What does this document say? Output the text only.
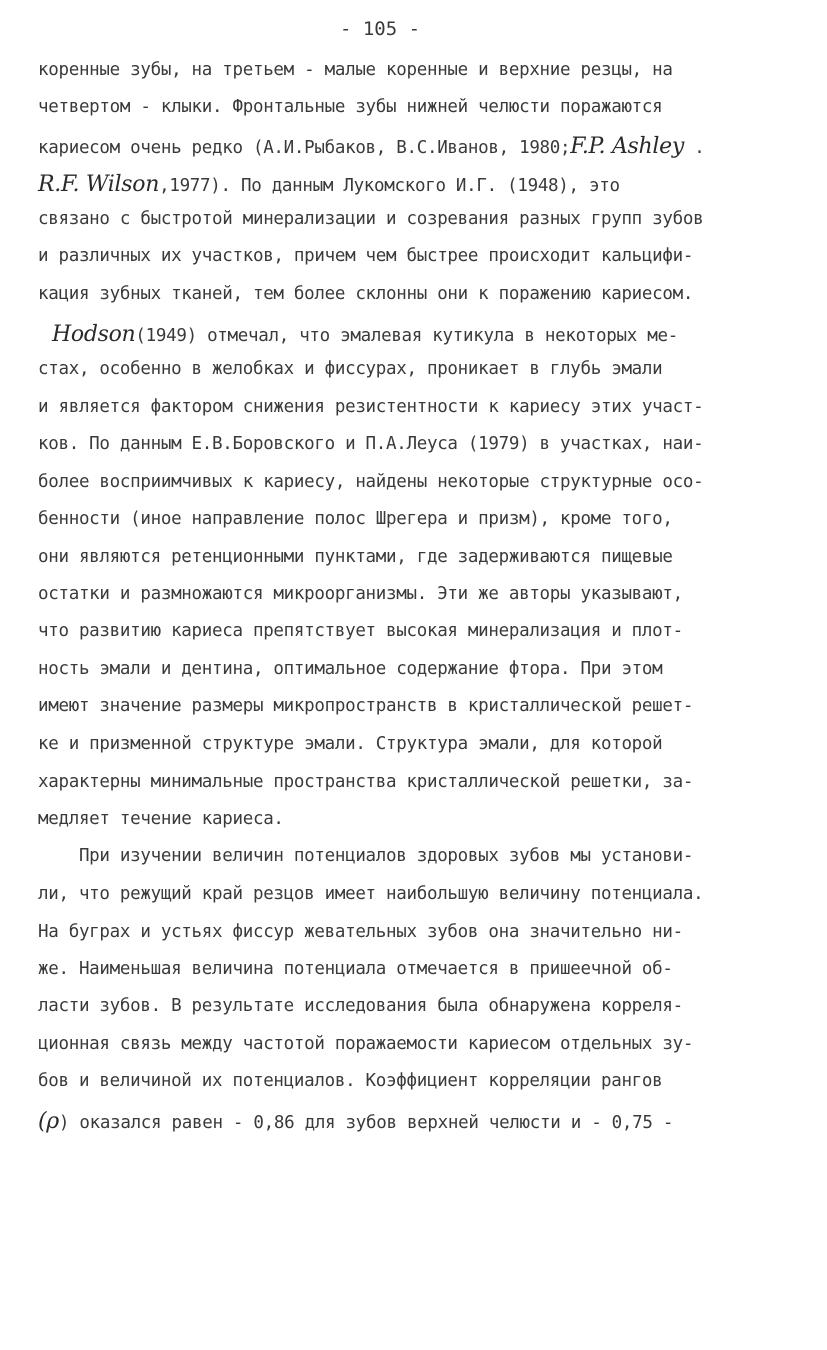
- 105 -
коренные зубы, на третьем - малые коренные и верхние резцы, на
четвертом - клыки. Фронтальные зубы нижней челюсти поражаются
кариесом очень редко (А.И.Рыбаков, В.С.Иванов, 1980;F.P. Ashley .
R.F. Wilson,1977). По данным Лукомского И.Г. (1948), это
связано с быстротой минерализации и созревания разных групп зубов
и различных их участков, причем чем быстрее происходит кальцифи-
кация зубных тканей, тем более склонны они к поражению кариесом.
Hodson(1949) отмечал, что эмалевая кутикула в некоторых ме-
стах, особенно в желобках и фиссурах, проникает в глубь эмали
и является фактором снижения резистентности к кариесу этих участ-
ков. По данным Е.В.Боровского и П.А.Леуса (1979) в участках, наи-
более восприимчивых к кариесу, найдены некоторые структурные осо-
бенности (иное направление полос Шрегера и призм), кроме того,
они являются ретенционными пунктами, где задерживаются пищевые
остатки и размножаются микроорганизмы. Эти же авторы указывают,
что развитию кариеса препятствует высокая минерализация и плот-
ность эмали и дентина, оптимальное содержание фтора. При этом
имеют значение размеры микропространств в кристаллической решет-
ке и призменной структуре эмали. Структура эмали, для которой
характерны минимальные пространства кристаллической решетки, за-
медляет течение кариеса.
При изучении величин потенциалов здоровых зубов мы установи-
ли, что режущий край резцов имеет наибольшую величину потенциала.
На буграх и устьях фиссур жевательных зубов она значительно ни-
же. Наименьшая величина потенциала отмечается в пришеечной об-
ласти зубов. В результате исследования была обнаружена корреля-
ционная связь между частотой поражаемости кариесом отдельных зу-
бов и величиной их потенциалов. Коэффициент корреляции рангов
(ρ) оказался равен - 0,86 для зубов верхней челюсти и - 0,75 -
